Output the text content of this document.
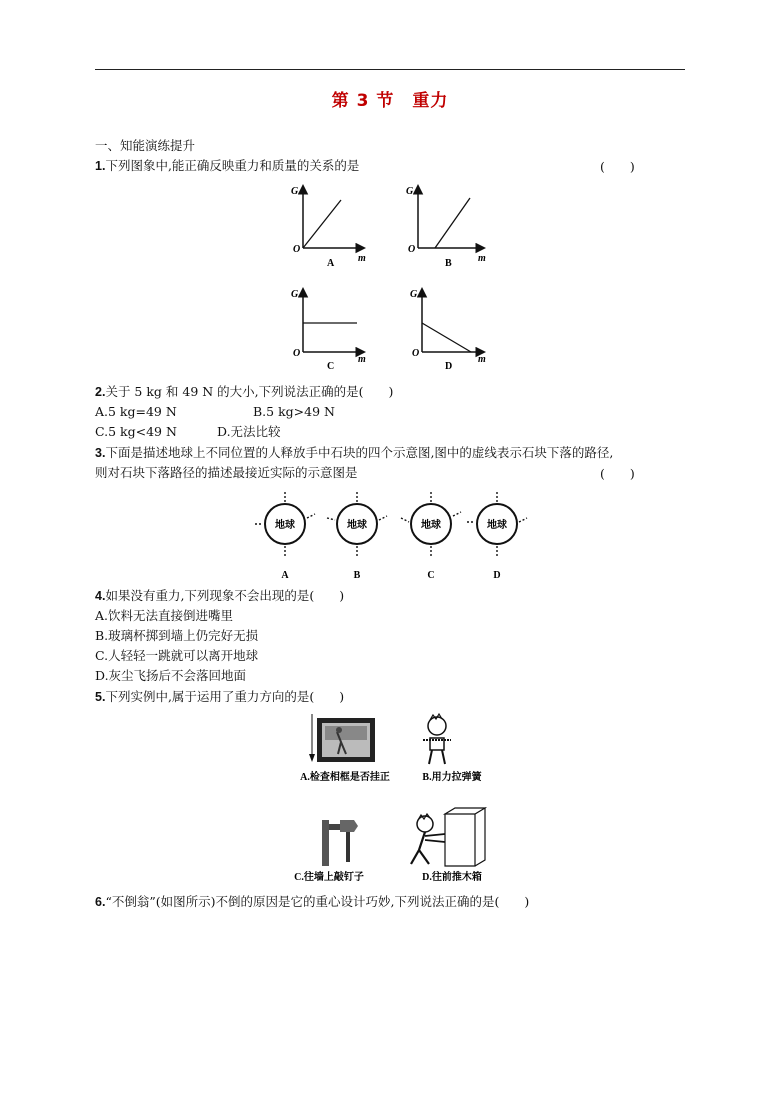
第 3 节　重力
一、知能演练提升
1.下列图象中,能正确反映重力和质量的关系的是	(　　)
G
O
m
A
G
O
m
B
G
O
m
C
G
O
m
D
2.关于 5 kg 和 49 N 的大小,下列说法正确的是(　　)
A.5 kg=49 N	B.5 kg>49 N
C.5 kg<49 N	D.无法比较
3.下面是描述地球上不同位置的人释放手中石块的四个示意图,图中的虚线表示石块下落的路径,
则对石块下落路径的描述最接近实际的示意图是	(　　)
地球
A
地球
B
地球
C
地球
D
4.如果没有重力,下列现象不会出现的是(　　)
A.饮料无法直接倒进嘴里
B.玻璃杯掷到墙上仍完好无损
C.人轻轻一跳就可以离开地球
D.灰尘飞扬后不会落回地面
5.下列实例中,属于运用了重力方向的是(　　)
A.检查相框是否挂正	B.用力拉弹簧
C.往墙上敲钉子	D.往前推木箱
6.“不倒翁”(如图所示)不倒的原因是它的重心设计巧妙,下列说法正确的是(　　)
